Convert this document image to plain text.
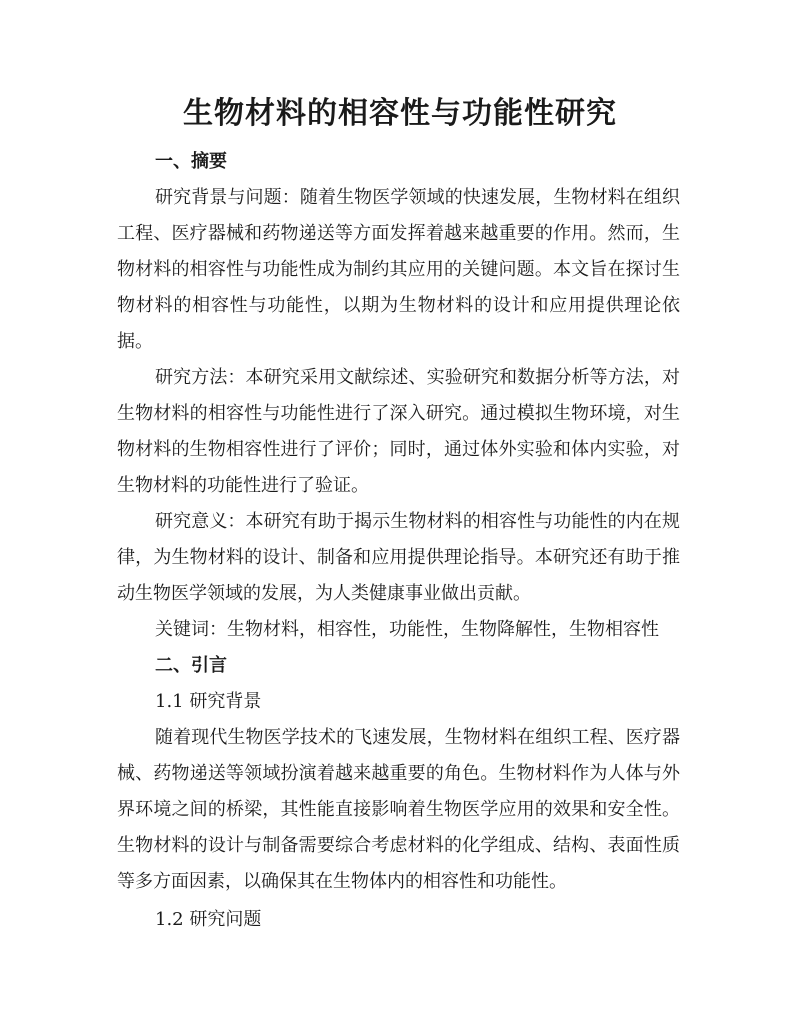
生物材料的相容性与功能性研究

一、摘要

研究背景与问题：随着生物医学领域的快速发展，生物材料在组织工程、医疗器械和药物递送等方面发挥着越来越重要的作用。然而，生物材料的相容性与功能性成为制约其应用的关键问题。本文旨在探讨生物材料的相容性与功能性，以期为生物材料的设计和应用提供理论依据。

研究方法：本研究采用文献综述、实验研究和数据分析等方法，对生物材料的相容性与功能性进行了深入研究。通过模拟生物环境，对生物材料的生物相容性进行了评价；同时，通过体外实验和体内实验，对生物材料的功能性进行了验证。

研究意义：本研究有助于揭示生物材料的相容性与功能性的内在规律，为生物材料的设计、制备和应用提供理论指导。本研究还有助于推动生物医学领域的发展，为人类健康事业做出贡献。

关键词：生物材料，相容性，功能性，生物降解性，生物相容性

二、引言

1.1 研究背景

随着现代生物医学技术的飞速发展，生物材料在组织工程、医疗器械、药物递送等领域扮演着越来越重要的角色。生物材料作为人体与外界环境之间的桥梁，其性能直接影响着生物医学应用的效果和安全性。生物材料的设计与制备需要综合考虑材料的化学组成、结构、表面性质等多方面因素，以确保其在生物体内的相容性和功能性。

1.2 研究问题
